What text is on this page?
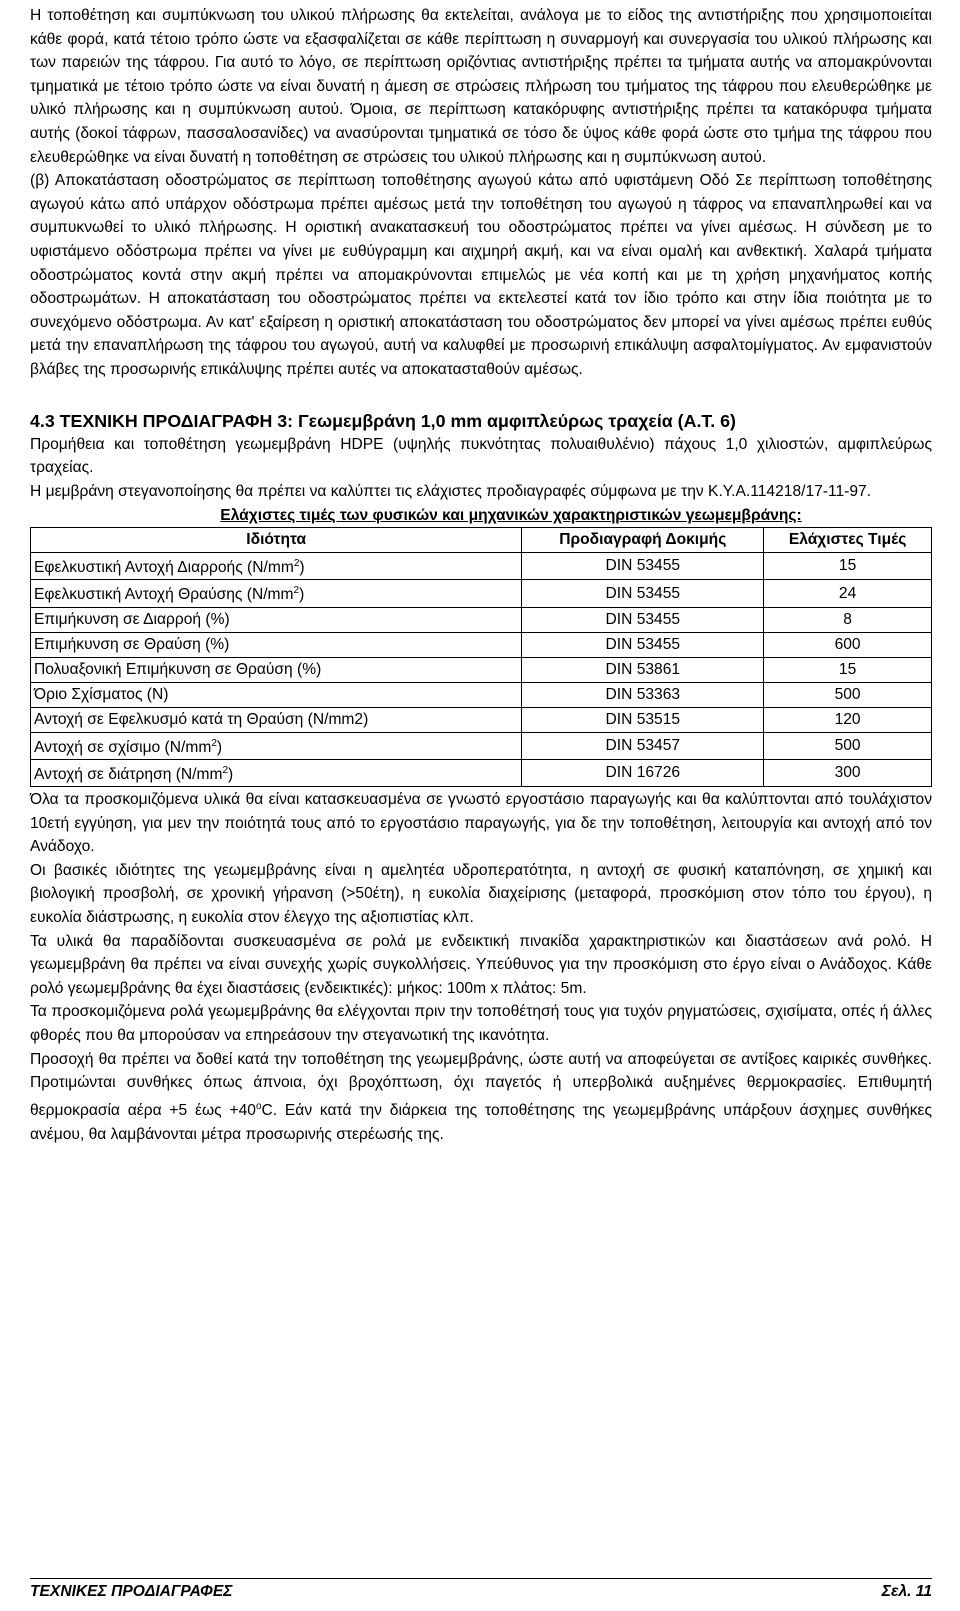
Η τοποθέτηση και συμπύκνωση του υλικού πλήρωσης θα εκτελείται, ανάλογα με το είδος της αντιστήριξης που χρησιμοποιείται κάθε φορά, κατά τέτοιο τρόπο ώστε να εξασφαλίζεται σε κάθε περίπτωση η συναρμογή και συνεργασία του υλικού πλήρωσης και των παρειών της τάφρου. Για αυτό το λόγο, σε περίπτωση οριζόντιας αντιστήριξης πρέπει τα τμήματα αυτής να απομακρύνονται τμηματικά με τέτοιο τρόπο ώστε να είναι δυνατή η άμεση σε στρώσεις πλήρωση του τμήματος της τάφρου που ελευθερώθηκε με υλικό πλήρωσης και η συμπύκνωση αυτού. Όμοια, σε περίπτωση κατακόρυφης αντιστήριξης πρέπει τα κατακόρυφα τμήματα αυτής (δοκοί τάφρων, πασσαλοσανίδες) να ανασύρονται τμηματικά σε τόσο δε ύψος κάθε φορά ώστε στο τμήμα της τάφρου που ελευθερώθηκε να είναι δυνατή η τοποθέτηση σε στρώσεις του υλικού πλήρωσης και η συμπύκνωση αυτού.

(β) Αποκατάσταση οδοστρώματος σε περίπτωση τοποθέτησης αγωγού κάτω από υφιστάμενη Οδό Σε περίπτωση τοποθέτησης αγωγού κάτω από υπάρχον οδόστρωμα πρέπει αμέσως μετά την τοποθέτηση του αγωγού η τάφρος να επαναπληρωθεί και να συμπυκνωθεί το υλικό πλήρωσης. Η οριστική ανακατασκευή του οδοστρώματος πρέπει να γίνει αμέσως. Η σύνδεση με το υφιστάμενο οδόστρωμα πρέπει να γίνει με ευθύγραμμη και αιχμηρή ακμή, και να είναι ομαλή και ανθεκτική. Χαλαρά τμήματα οδοστρώματος κοντά στην ακμή πρέπει να απομακρύνονται επιμελώς με νέα κοπή και με τη χρήση μηχανήματος κοπής οδοστρωμάτων. Η αποκατάσταση του οδοστρώματος πρέπει να εκτελεστεί κατά τον ίδιο τρόπο και στην ίδια ποιότητα με το συνεχόμενο οδόστρωμα. Αν κατ' εξαίρεση η οριστική αποκατάσταση του οδοστρώματος δεν μπορεί να γίνει αμέσως πρέπει ευθύς μετά την επαναπλήρωση της τάφρου του αγωγού, αυτή να καλυφθεί με προσωρινή επικάλυψη ασφαλτομίγματος. Αν εμφανιστούν βλάβες της προσωρινής επικάλυψης πρέπει αυτές να αποκατασταθούν αμέσως.

4.3 ΤΕΧΝΙΚΗ ΠΡΟΔΙΑΓΡΑΦΗ 3: Γεωμεμβράνη 1,0 mm αμφιπλεύρως τραχεία (Α.Τ. 6)

Προμήθεια και τοποθέτηση γεωμεμβράνη HDPE (υψηλής πυκνότητας πολυαιθυλένιο) πάχους 1,0 χιλιοστών, αμφιπλεύρως τραχείας.

Η μεμβράνη στεγανοποίησης θα πρέπει να καλύπτει τις ελάχιστες προδιαγραφές σύμφωνα με την Κ.Υ.Α.114218/17-11-97.

Ελάχιστες τιμές των φυσικών και μηχανικών χαρακτηριστικών γεωμεμβράνης:
Ιδιότητα	Προδιαγραφή Δοκιμής	Ελάχιστες Τιμές
Εφελκυστική Αντοχή Διαρροής $(N/mm^2)$	DIN 53455	15
Εφελκυστική Αντοχή Θραύσης $(N/mm^2)$	DIN 53455	24
Επιμήκυνση σε Διαρροή (%)	DIN 53455	8
Επιμήκυνση σε Θραύση (%)	DIN 53455	600
Πολυαξονική Επιμήκυνση σε Θραύση (%)	DIN 53861	15
Όριο Σχίσματος (Ν)	DIN 53363	500
Αντοχή σε Εφελκυσμό κατά τη Θραύση (N/mm2)	DIN 53515	120
Αντοχή σε σχίσιμο $(N/mm^2)$	DIN 53457	500
Αντοχή σε διάτρηση $(N/mm^2)$	DIN 16726	300

Όλα τα προσκομιζόμενα υλικά θα είναι κατασκευασμένα σε γνωστό εργοστάσιο παραγωγής και θα καλύπτονται από τουλάχιστον 10ετή εγγύηση, για μεν την ποιότητά τους από το εργοστάσιο παραγωγής, για δε την τοποθέτηση, λειτουργία και αντοχή από τον Ανάδοχο.

Οι βασικές ιδιότητες της γεωμεμβράνης είναι η αμελητέα υδροπερατότητα, η αντοχή σε φυσική καταπόνηση, σε χημική και βιολογική προσβολή, σε χρονική γήρανση (>50έτη), η ευκολία διαχείρισης (μεταφορά, προσκόμιση στον τόπο του έργου), η ευκολία διάστρωσης, η ευκολία στον έλεγχο της αξιοπιστίας κλπ.

Τα υλικά θα παραδίδονται συσκευασμένα σε ρολά με ενδεικτική πινακίδα χαρακτηριστικών και διαστάσεων ανά ρολό. Η γεωμεμβράνη θα πρέπει να είναι συνεχής χωρίς συγκολλήσεις. Υπεύθυνος για την προσκόμιση στο έργο είναι ο Ανάδοχος. Κάθε ρολό γεωμεμβράνης θα έχει διαστάσεις (ενδεικτικές): μήκος: 100m x πλάτος: 5m.

Τα προσκομιζόμενα ρολά γεωμεμβράνης θα ελέγχονται πριν την τοποθέτησή τους για τυχόν ρηγματώσεις, σχισίματα, οπές ή άλλες φθορές που θα μπορούσαν να επηρεάσουν την στεγανωτική της ικανότητα.

Προσοχή θα πρέπει να δοθεί κατά την τοποθέτηση της γεωμεμβράνης, ώστε αυτή να αποφεύγεται σε αντίξοες καιρικές συνθήκες. Προτιμώνται συνθήκες όπως άπνοια, όχι βροχόπτωση, όχι παγετός ή υπερβολικά αυξημένες θερμοκρασίες. Επιθυμητή θερμοκρασία αέρα +5 $έ\omega\varsigma +40^oC$. Εάν κατά την διάρκεια της τοποθέτησης της γεωμεμβράνης υπάρξουν άσχημες συνθήκες ανέμου, θα λαμβάνονται μέτρα προσωρινής στερέωσής της.

ΤΕΧΝΙΚΕΣ ΠΡΟΔΙΑΓΡΑΦΕΣ	Σελ. 11
